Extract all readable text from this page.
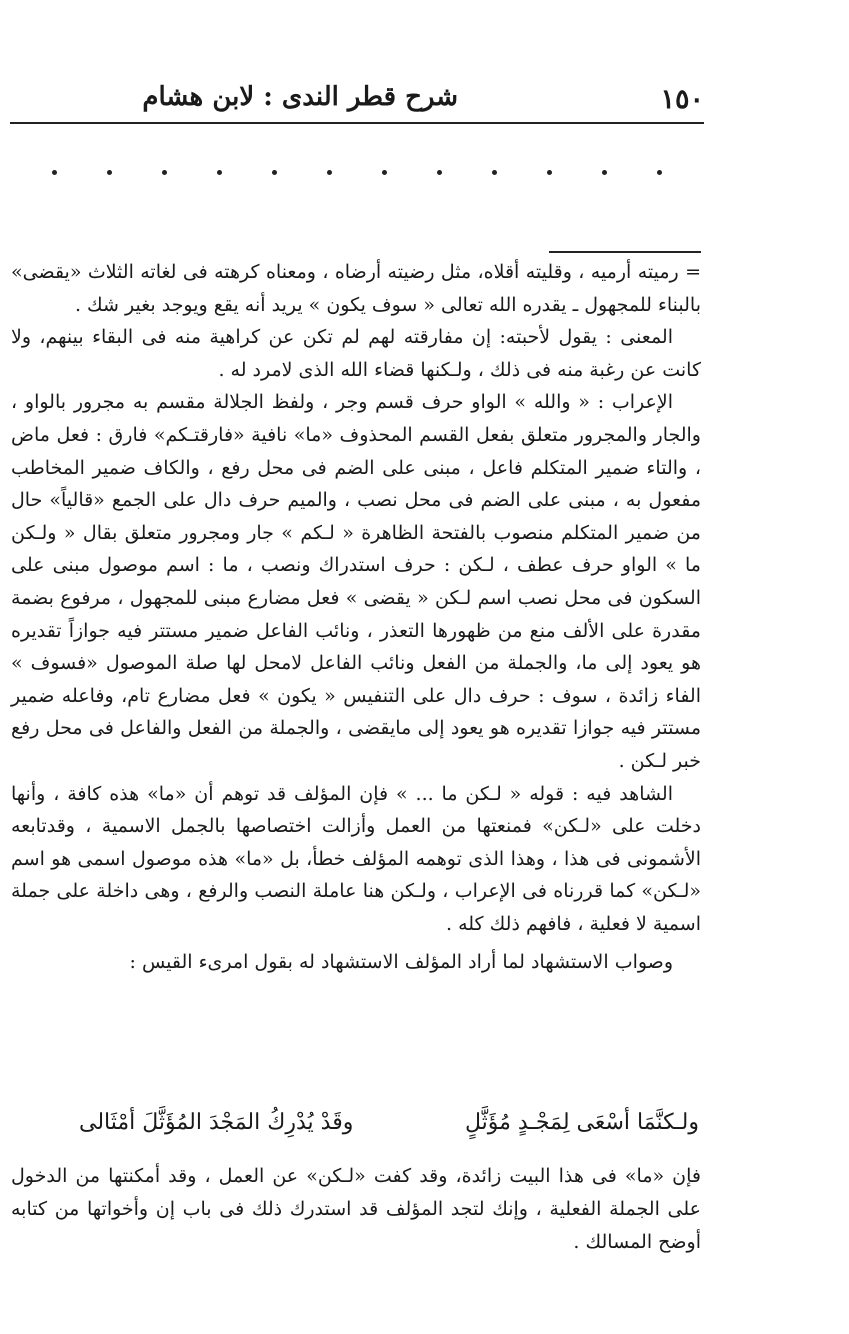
١٥٠
شرح قطر الندى : لابن هشام

= رميته أرميه ، وقليته أقلاه، مثل رضيته أرضاه ، ومعناه كرهته فى لغاته الثلاث «يقضى» بالبناء للمجهول ـ يقدره الله تعالى « سوف يكون » يريد أنه يقع ويوجد بغير شك .

المعنى : يقول لأحبته: إن مفارقته لهم لم تكن عن كراهية منه فى البقاء بينهم، ولا كانت عن رغبة منه فى ذلك ، ولـكنها قضاء الله الذى لامرد له .

الإعراب : « والله » الواو حرف قسم وجر ، ولفظ الجلالة مقسم به مجرور بالواو ، والجار والمجرور متعلق بفعل القسم المحذوف «ما» نافية «فارقتـكم» فارق : فعل ماض ، والتاء ضمير المتكلم فاعل ، مبنى على الضم فى محل رفع ، والكاف ضمير المخاطب مفعول به ، مبنى على الضم فى محل نصب ، والميم حرف دال على الجمع «قالياً» حال من ضمير المتكلم منصوب بالفتحة الظاهرة « لـكم » جار ومجرور متعلق بقال « ولـكن ما » الواو حرف عطف ، لـكن : حرف استدراك ونصب ، ما : اسم موصول مبنى على السكون فى محل نصب اسم لـكن « يقضى » فعل مضارع مبنى للمجهول ، مرفوع بضمة مقدرة على الألف منع من ظهورها التعذر ، ونائب الفاعل ضمير مستتر فيه جوازاً تقديره هو يعود إلى ما، والجملة من الفعل ونائب الفاعل لامحل لها صلة الموصول «فسوف » الفاء زائدة ، سوف : حرف دال على التنفيس « يكون » فعل مضارع تام، وفاعله ضمير مستتر فيه جوازا تقديره هو يعود إلى مايقضى ، والجملة من الفعل والفاعل فى محل رفع خبر لـكن .

الشاهد فيه : قوله « لـكن ما ... » فإن المؤلف قد توهم أن «ما» هذه كافة ، وأنها دخلت على «لـكن» فمنعتها من العمل وأزالت اختصاصها بالجمل الاسمية ، وقدتابعه الأشمونى فى هذا ، وهذا الذى توهمه المؤلف خطأ، بل «ما» هذه موصول اسمى هو اسم «لـكن» كما قررناه فى الإعراب ، ولـكن هنا عاملة النصب والرفع ، وهى داخلة على جملة اسمية لا فعلية ، فافهم ذلك كله .

وصواب الاستشهاد لما أراد المؤلف الاستشهاد له بقول امرىء القيس :

ولـكنَّمَا أسْعَى لِمَجْـدٍ مُؤَثَّلٍ
وقَدْ يُدْرِكُ المَجْدَ المُؤَثَّلَ أمْثَالى

فإن «ما» فى هذا البيت زائدة، وقد كفت «لـكن» عن العمل ، وقد أمكنتها من الدخول على الجملة الفعلية ، وإنك لتجد المؤلف قد استدرك ذلك فى باب إن وأخواتها من كتابه أوضح المسالك .
